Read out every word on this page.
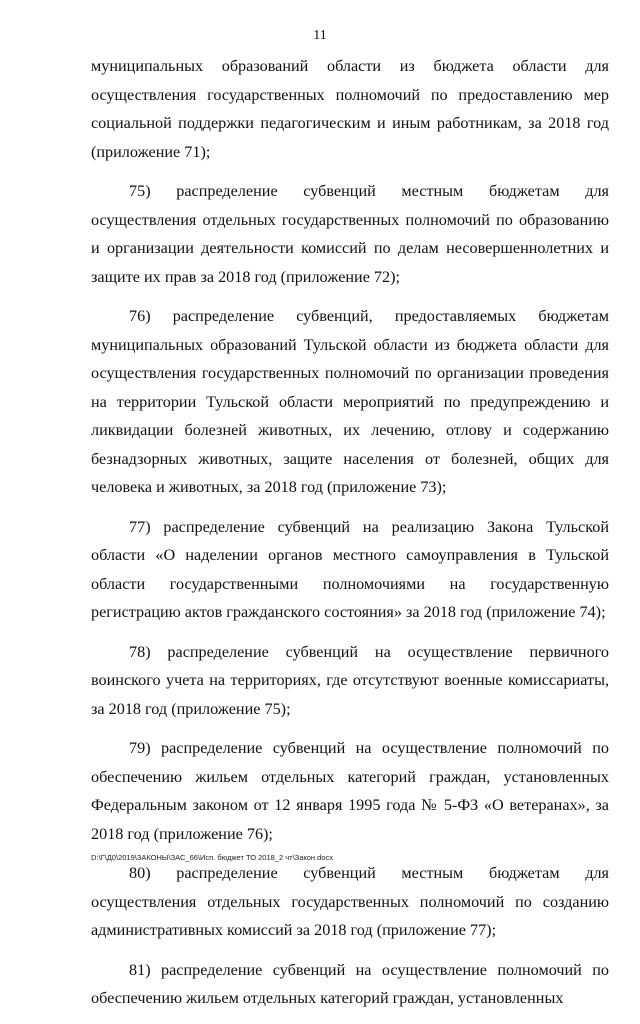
11

муниципальных образований области из бюджета области для осуществления государственных полномочий по предоставлению мер социальной поддержки педагогическим и иным работникам, за 2018 год (приложение 71);

75) распределение субвенций местным бюджетам для осуществления отдельных государственных полномочий по образованию и организации деятельности комиссий по делам несовершеннолетних и защите их прав за 2018 год (приложение 72);

76) распределение субвенций, предоставляемых бюджетам муниципальных образований Тульской области из бюджета области для осуществления государственных полномочий по организации проведения на территории Тульской области мероприятий по предупреждению и ликвидации болезней животных, их лечению, отлову и содержанию безнадзорных животных, защите населения от болезней, общих для человека и животных, за 2018 год (приложение 73);

77) распределение субвенций на реализацию Закона Тульской области «О наделении органов местного самоуправления в Тульской области государственными полномочиями на государственную регистрацию актов гражданского состояния» за 2018 год (приложение 74);

78) распределение субвенций на осуществление первичного воинского учета на территориях, где отсутствуют военные комиссариаты, за 2018 год (приложение 75);

79) распределение субвенций на осуществление полномочий по обеспечению жильем отдельных категорий граждан, установленных Федеральным законом от 12 января 1995 года № 5-ФЗ «О ветеранах», за 2018 год (приложение 76);

80) распределение субвенций местным бюджетам для осуществления отдельных государственных полномочий по созданию административных комиссий за 2018 год (приложение 77);

81) распределение субвенций на осуществление полномочий по обеспечению жильем отдельных категорий граждан, установленных

D:\Г\Д0\2019\ЗАКОНЫ\ЗАС_66\Исп. бюджет ТО 2018_2 чт\Закон.docx
